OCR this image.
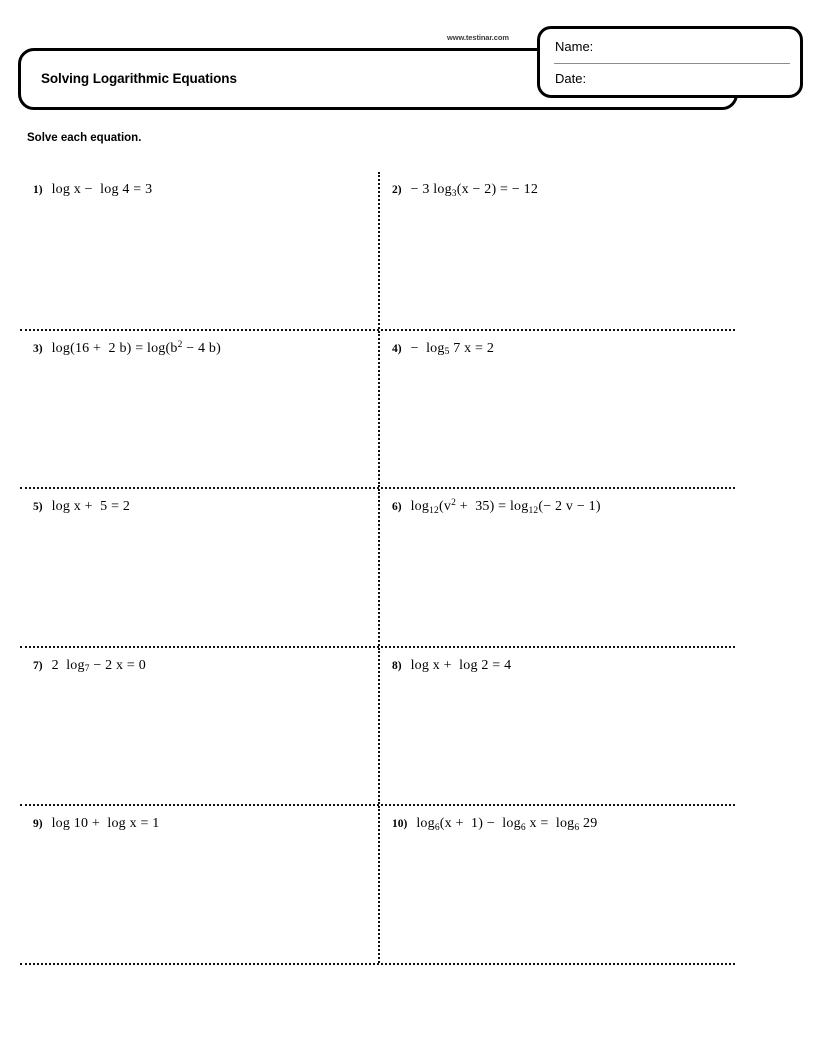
Solving Logarithmic Equations
www.testinar.com
Name:
Date:
Solve each equation.
1) log x −  log 4 = 3	2) − 3 $\log_3(x - 2)$ = − 12
3) log(16 +  2 $b) = \log(b^2 - 4$ b)	$4) - \log_5 7$ x = 2
5) log x +  5 = 2	6) $\log_{12}(v^2 + 35) = \log_{12}(- 2$ v − 1)
7) 2  $\log_7 - 2$ x = 0	8) log x +  log 2 = 4
9) log 10 +  log x = 1	10) $\log_6(x + 1) - \log_6 x = \log_6 29$
